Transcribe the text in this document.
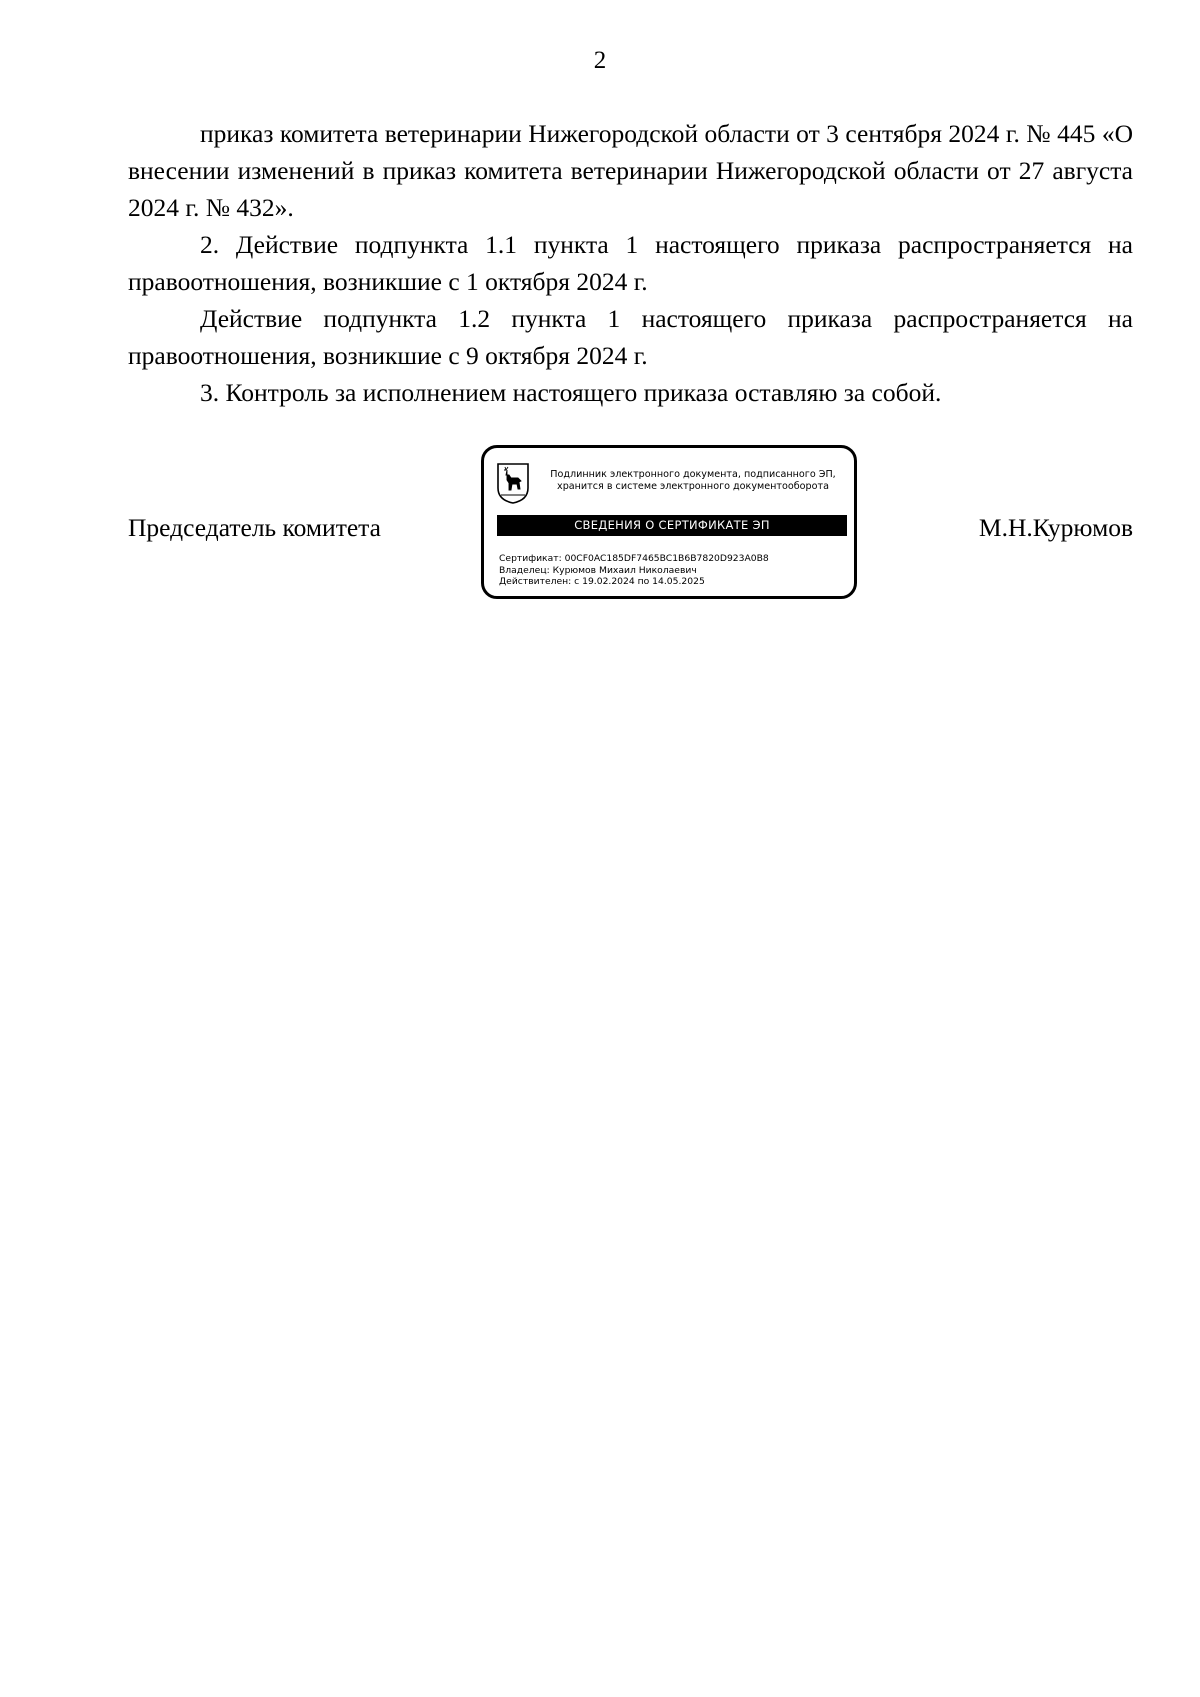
2

приказ комитета ветеринарии Нижегородской области от 3 сентября 2024 г. № 445 «О внесении изменений в приказ комитета ветеринарии Нижегородской области от 27 августа 2024 г. № 432».

2. Действие подпункта 1.1 пункта 1 настоящего приказа распространяется на правоотношения, возникшие с 1 октября 2024 г.

Действие подпункта 1.2 пункта 1 настоящего приказа распространяется на правоотношения, возникшие с 9 октября 2024 г.

3. Контроль за исполнением настоящего приказа оставляю за собой.

Председатель комитета
Подлинник электронного документа, подписанного ЭП,
хранится в системе электронного документооборота
СВЕДЕНИЯ О СЕРТИФИКАТЕ ЭП
Сертификат: 00CF0AC185DF7465BC1B6B7820D923A0B8
Владелец: Курюмов Михаил Николаевич
Действителен: с 19.02.2024 по 14.05.2025
М.Н.Курюмов
